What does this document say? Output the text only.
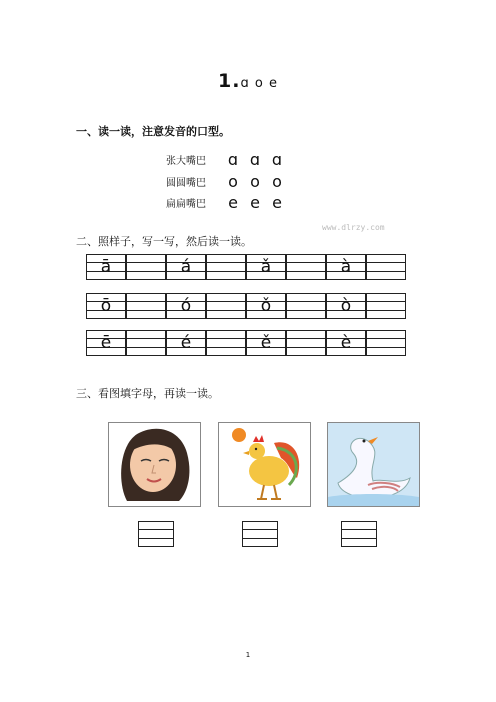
1.ɑ o e
一、读一读，注意发音的口型。
张大嘴巴	ɑ ɑ ɑ
圆圆嘴巴	o o o
扁扁嘴巴	e e e
www.dlrzy.com
二、照样子，写一写，然后读一读。
ā	á	ǎ	à
ō	ó	ǒ	ò
ē	é	ě	è
三、看图填字母，再读一读。
1
